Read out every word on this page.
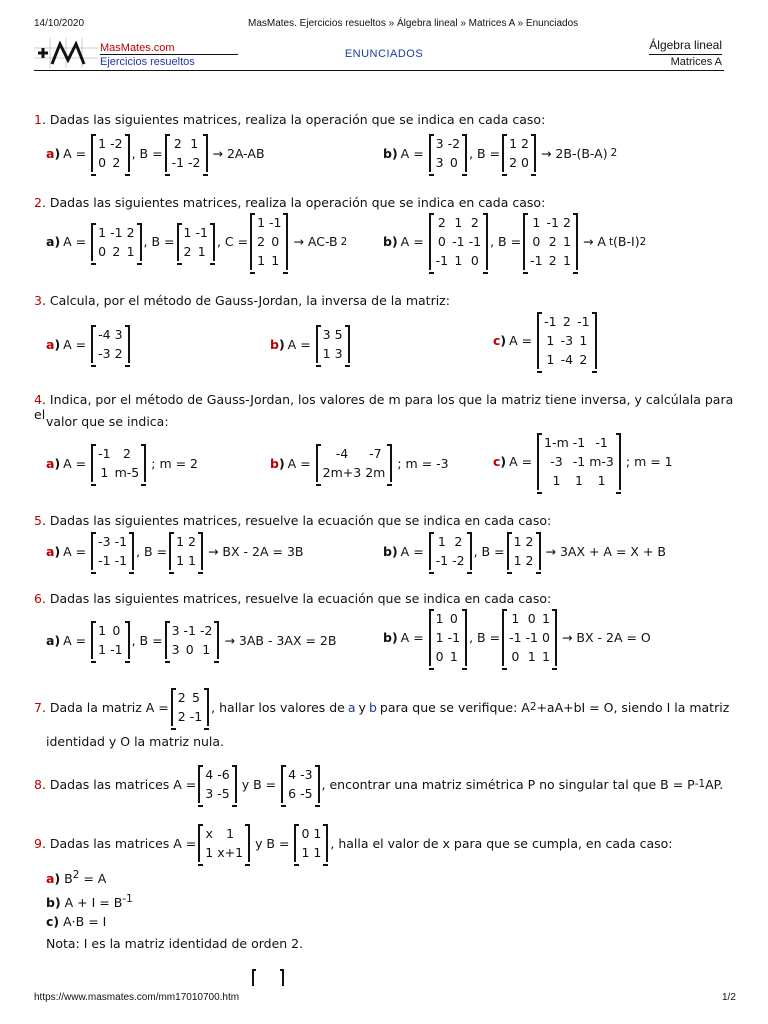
14/10/2020	MasMates. Ejercicios resueltos » Álgebra lineal » Matrices A » Enunciados
MasMates.com
Ejercicios resueltos
ENUNCIADOS
Álgebra lineal
Matrices A
1. Dadas las siguientes matrices, realiza la operación que se indica en cada caso:
a ) A =
1 -2
0 2
, B =
2 1
-1 -2
→ 2A-AB	b ) A =
3 -2
3 0
, B =
1 2
2 0
→ 2B-(B-A) 2
2. Dadas las siguientes matrices, realiza la operación que se indica en cada caso:
a ) A =
1 -1 2
0 2 1
, B =
1 -1
2 1
, C =
1 -1
2 0
1 1
→ AC-B 2	b ) A =
2 1 2
0 -1 -1
-1 1 0
, B =
1 -1 2
0 2 1
-1 2 1
→ A t (B-I) 2
3. Calcula, por el método de Gauss-Jordan, la inversa de la matriz:
a ) A =
-4 3
-3 2
b ) A =
3 5
1 3
c ) A =
-1 2 -1
1 -3 1
1 -4 2
4. Indica, por el método de Gauss-Jordan, los valores de m para los que la matriz tiene inversa, y calcúlala para el valor que se indica:
a ) A =
-1 2
1 m-5
; m = 2	b ) A =
-4	-7
2m+3 2m
; m = -3	c ) A =
1-m -1 -1
-3 -1 m-3
1	1	1
; m = 1
5. Dadas las siguientes matrices, resuelve la ecuación que se indica en cada caso:
a ) A =
-3 -1
-1 -1
, B =
1 2
1 1
→ BX - 2A = 3B	b ) A =
1 2
-1 -2
, B =
1 2
1 2
→ 3AX + A = X + B
6. Dadas las siguientes matrices, resuelve la ecuación que se indica en cada caso:
a ) A =
1 0
1 -1
, B =
3 -1 -2
3 0 1
→ 3AB - 3AX = 2B	b ) A =
1 0
1 -1
0 1
, B =
1 0 1
-1 -1 0
0 1 1
→ BX - 2A = O
7 . Dada la matriz A =
2 5
2 -1
, hallar los valores de a y b para que se verifique: A 2 +aA+bI = O, siendo I la matriz
identidad y O la matriz nula.
8 . Dadas las matrices A =
4 -6
3 -5
y B =
4 -3
6 -5
, encontrar una matriz simétrica P no singular tal que B = P -1 AP.
9 . Dadas las matrices A =
x	1
1 x+1
y B =
0 1
1 1
, halla el valor de x para que se cumpla, en cada caso:
a) $B^2 = A$
b) $A + I = B^{-1}$
c) A·B = I
Nota: I es la matriz identidad de orden 2.
https://www.masmates.com/mm17010700.htm	1/2
